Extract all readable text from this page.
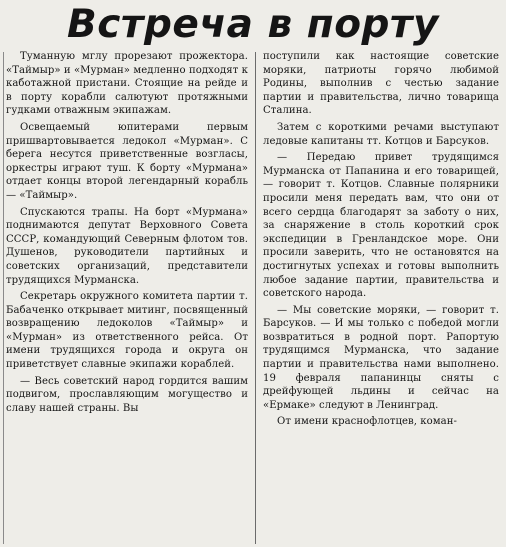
Встреча в порту

Туманную мглу прорезают прожектора. «Таймыр» и «Мурман» медленно подходят к каботажной пристани. Стоящие на рейде и в порту корабли салютуют протяжными гудками отважным экипажам.

Освещаемый юпитерами первым пришвартовывается ледокол «Мурман». С берега несутся приветственные возгласы, оркестры играют туш. К борту «Мурмана» отдает концы второй легендарный корабль — «Таймыр».

Спускаются трапы. На борт «Мурмана» поднимаются депутат Верховного Совета СССР, командующий Северным флотом тов. Душенов, руководители партийных и советских организаций, представители трудящихся Мурманска.

Секретарь окружного комитета партии т. Бабаченко открывает митинг, посвященный возвращению ледоколов «Таймыр» и «Мурман» из ответственного рейса. От имени трудящихся города и округа он приветствует славные экипажи кораблей.

— Весь советский народ гордится вашим подвигом, прославляющим могущество и славу нашей страны. Вы

поступили как настоящие советские моряки, патриоты горячо любимой Родины, выполнив с честью задание партии и правительства, лично товарища Сталина.

Затем с короткими речами выступают ледовые капитаны тт. Котцов и Барсуков.

— Передаю привет трудящимся Мурманска от Папанина и его товарищей, — говорит т. Котцов. Славные полярники просили меня передать вам, что они от всего сердца благодарят за заботу о них, за снаряжение в столь короткий срок экспедиции в Гренландское море. Они просили заверить, что не остановятся на достигнутых успехах и готовы выполнить любое задание партии, правительства и советского народа.

— Мы советские моряки, — говорит т. Барсуков. — И мы только с победой могли возвратиться в родной порт. Рапортую трудящимся Мурманска, что задание партии и правительства нами выполнено. 19 февраля папанинцы сняты с дрейфующей льдины и сейчас на «Ермаке» следуют в Ленинград.

От имени краснофлотцев, коман-
